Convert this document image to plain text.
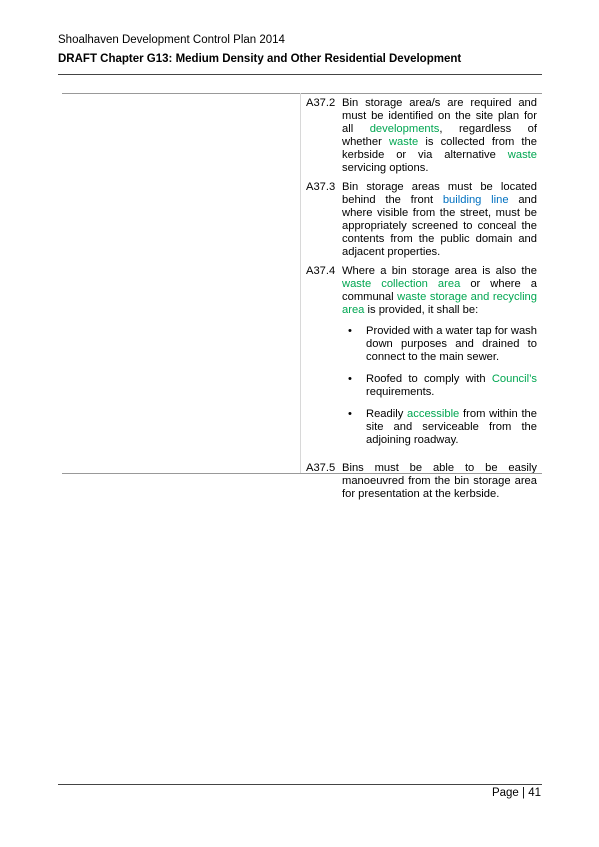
Shoalhaven Development Control Plan 2014
DRAFT Chapter G13: Medium Density and Other Residential Development
A37.2 Bin storage area/s are required and must be identified on the site plan for all developments, regardless of whether waste is collected from the kerbside or via alternative waste servicing options.
A37.3 Bin storage areas must be located behind the front building line and where visible from the street, must be appropriately screened to conceal the contents from the public domain and adjacent properties.
A37.4 Where a bin storage area is also the waste collection area or where a communal waste storage and recycling area is provided, it shall be:
•	Provided with a water tap for wash down purposes and drained to connect to the main sewer.
•	Roofed to comply with Council’s requirements.
•	Readily accessible from within the site and serviceable from the adjoining roadway.
A37.5 Bins must be able to be easily manoeuvred from the bin storage area for presentation at the kerbside.
Page | 41
